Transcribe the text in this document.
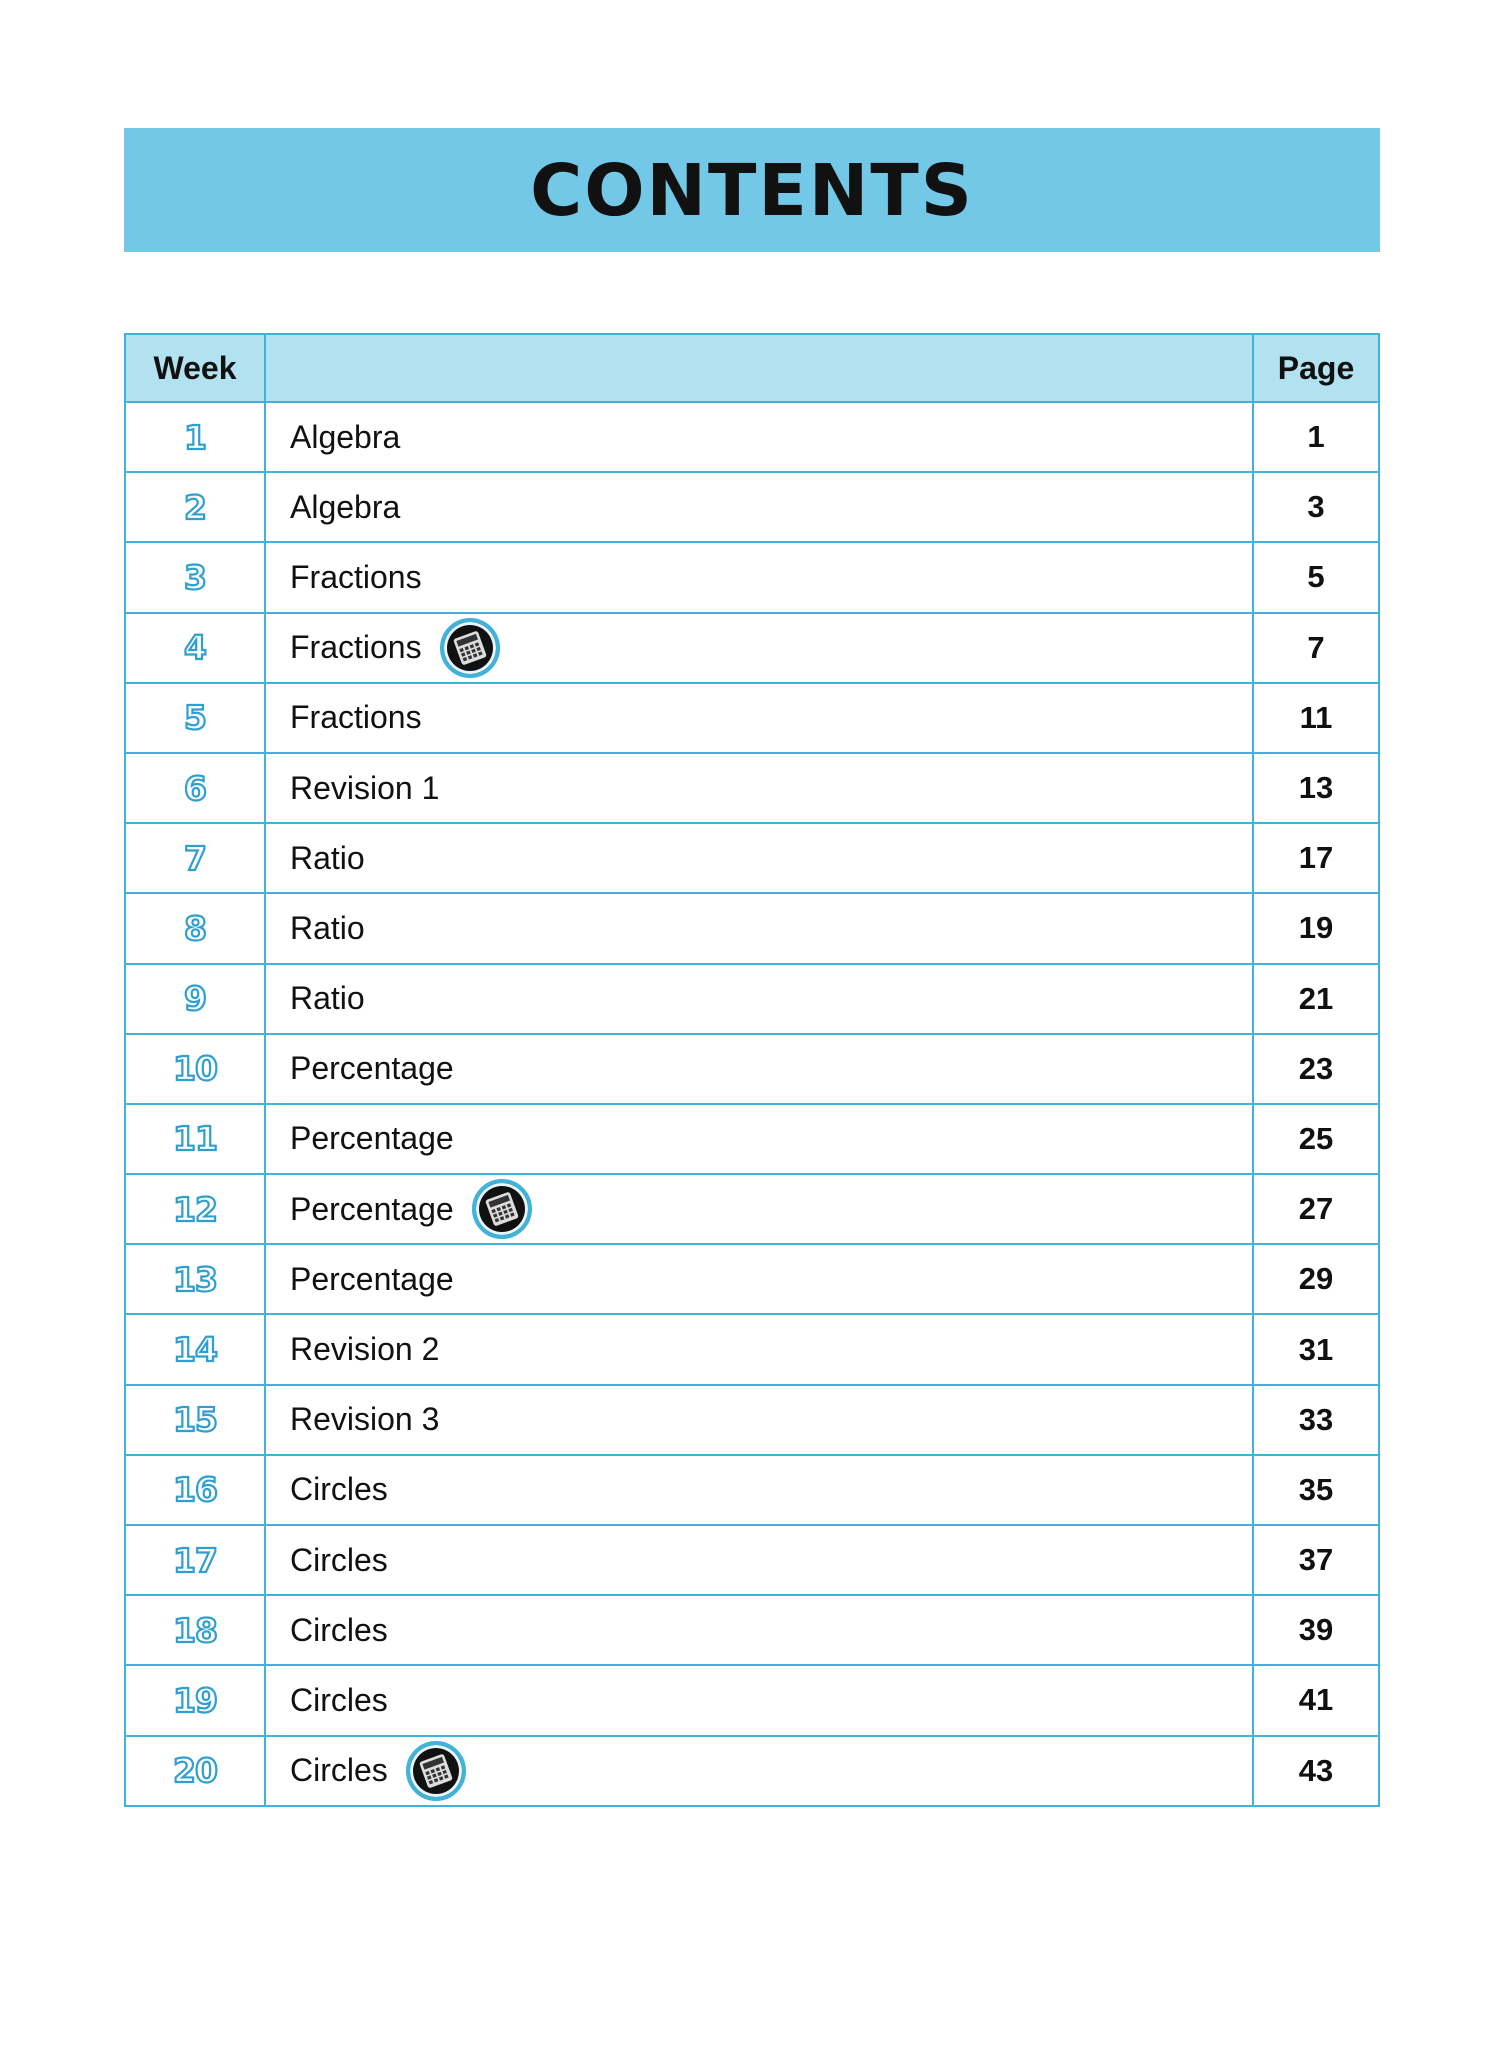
CONTENTS
Week	Page
1	Algebra	1
2	Algebra	3
3	Fractions	5
4	Fractions	7
5	Fractions	11
6	Revision 1	13
7	Ratio	17
8	Ratio	19
9	Ratio	21
10 Percentage	23
11 Percentage	25
12 Percentage	27
13 Percentage	29
14 Revision 2	31
15 Revision 3	33
16 Circles	35
17 Circles	37
18 Circles	39
19 Circles	41
20 Circles	43
